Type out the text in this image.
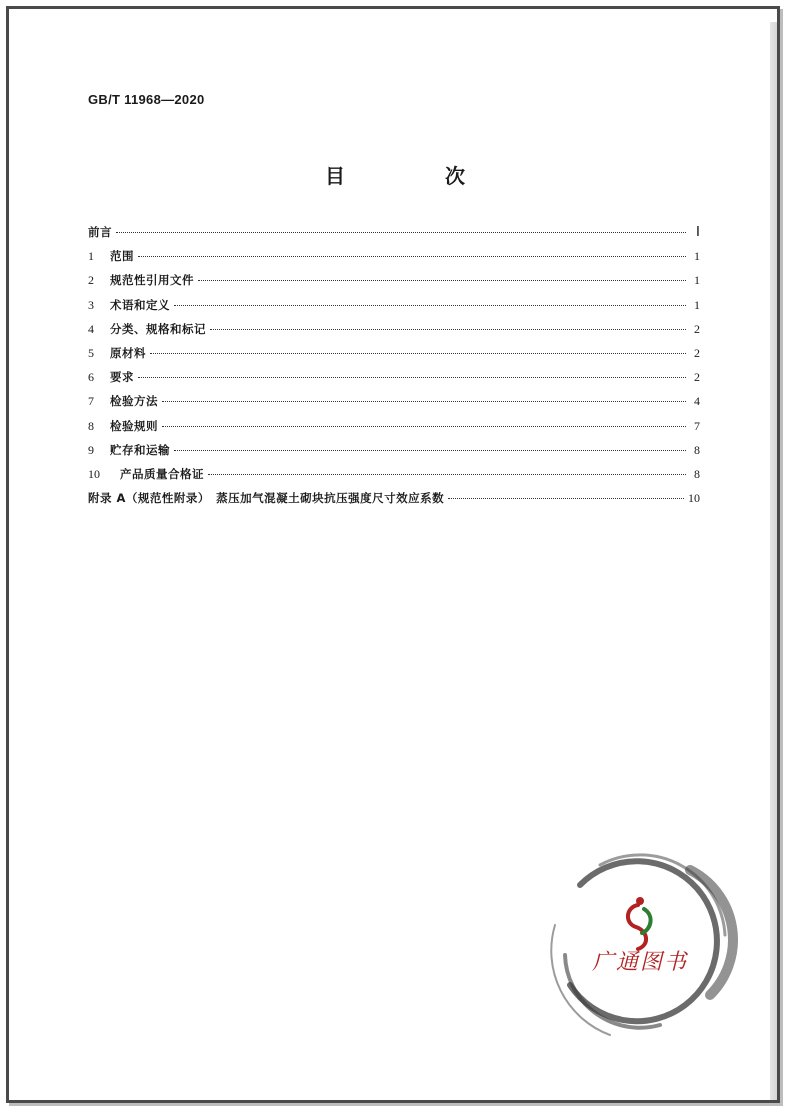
GB/T 11968—2020
目　次
前言	Ⅰ
1	范围	1
2	规范性引用文件	1
3	术语和定义	1
4	分类、规格和标记	2
5	原材料	2
6	要求	2
7	检验方法	4
8	检验规则	7
9	贮存和运输	8
10	产品质量合格证	8
附录 A（规范性附录）　蒸压加气混凝土砌块抗压强度尺寸效应系数	10
广通图书
